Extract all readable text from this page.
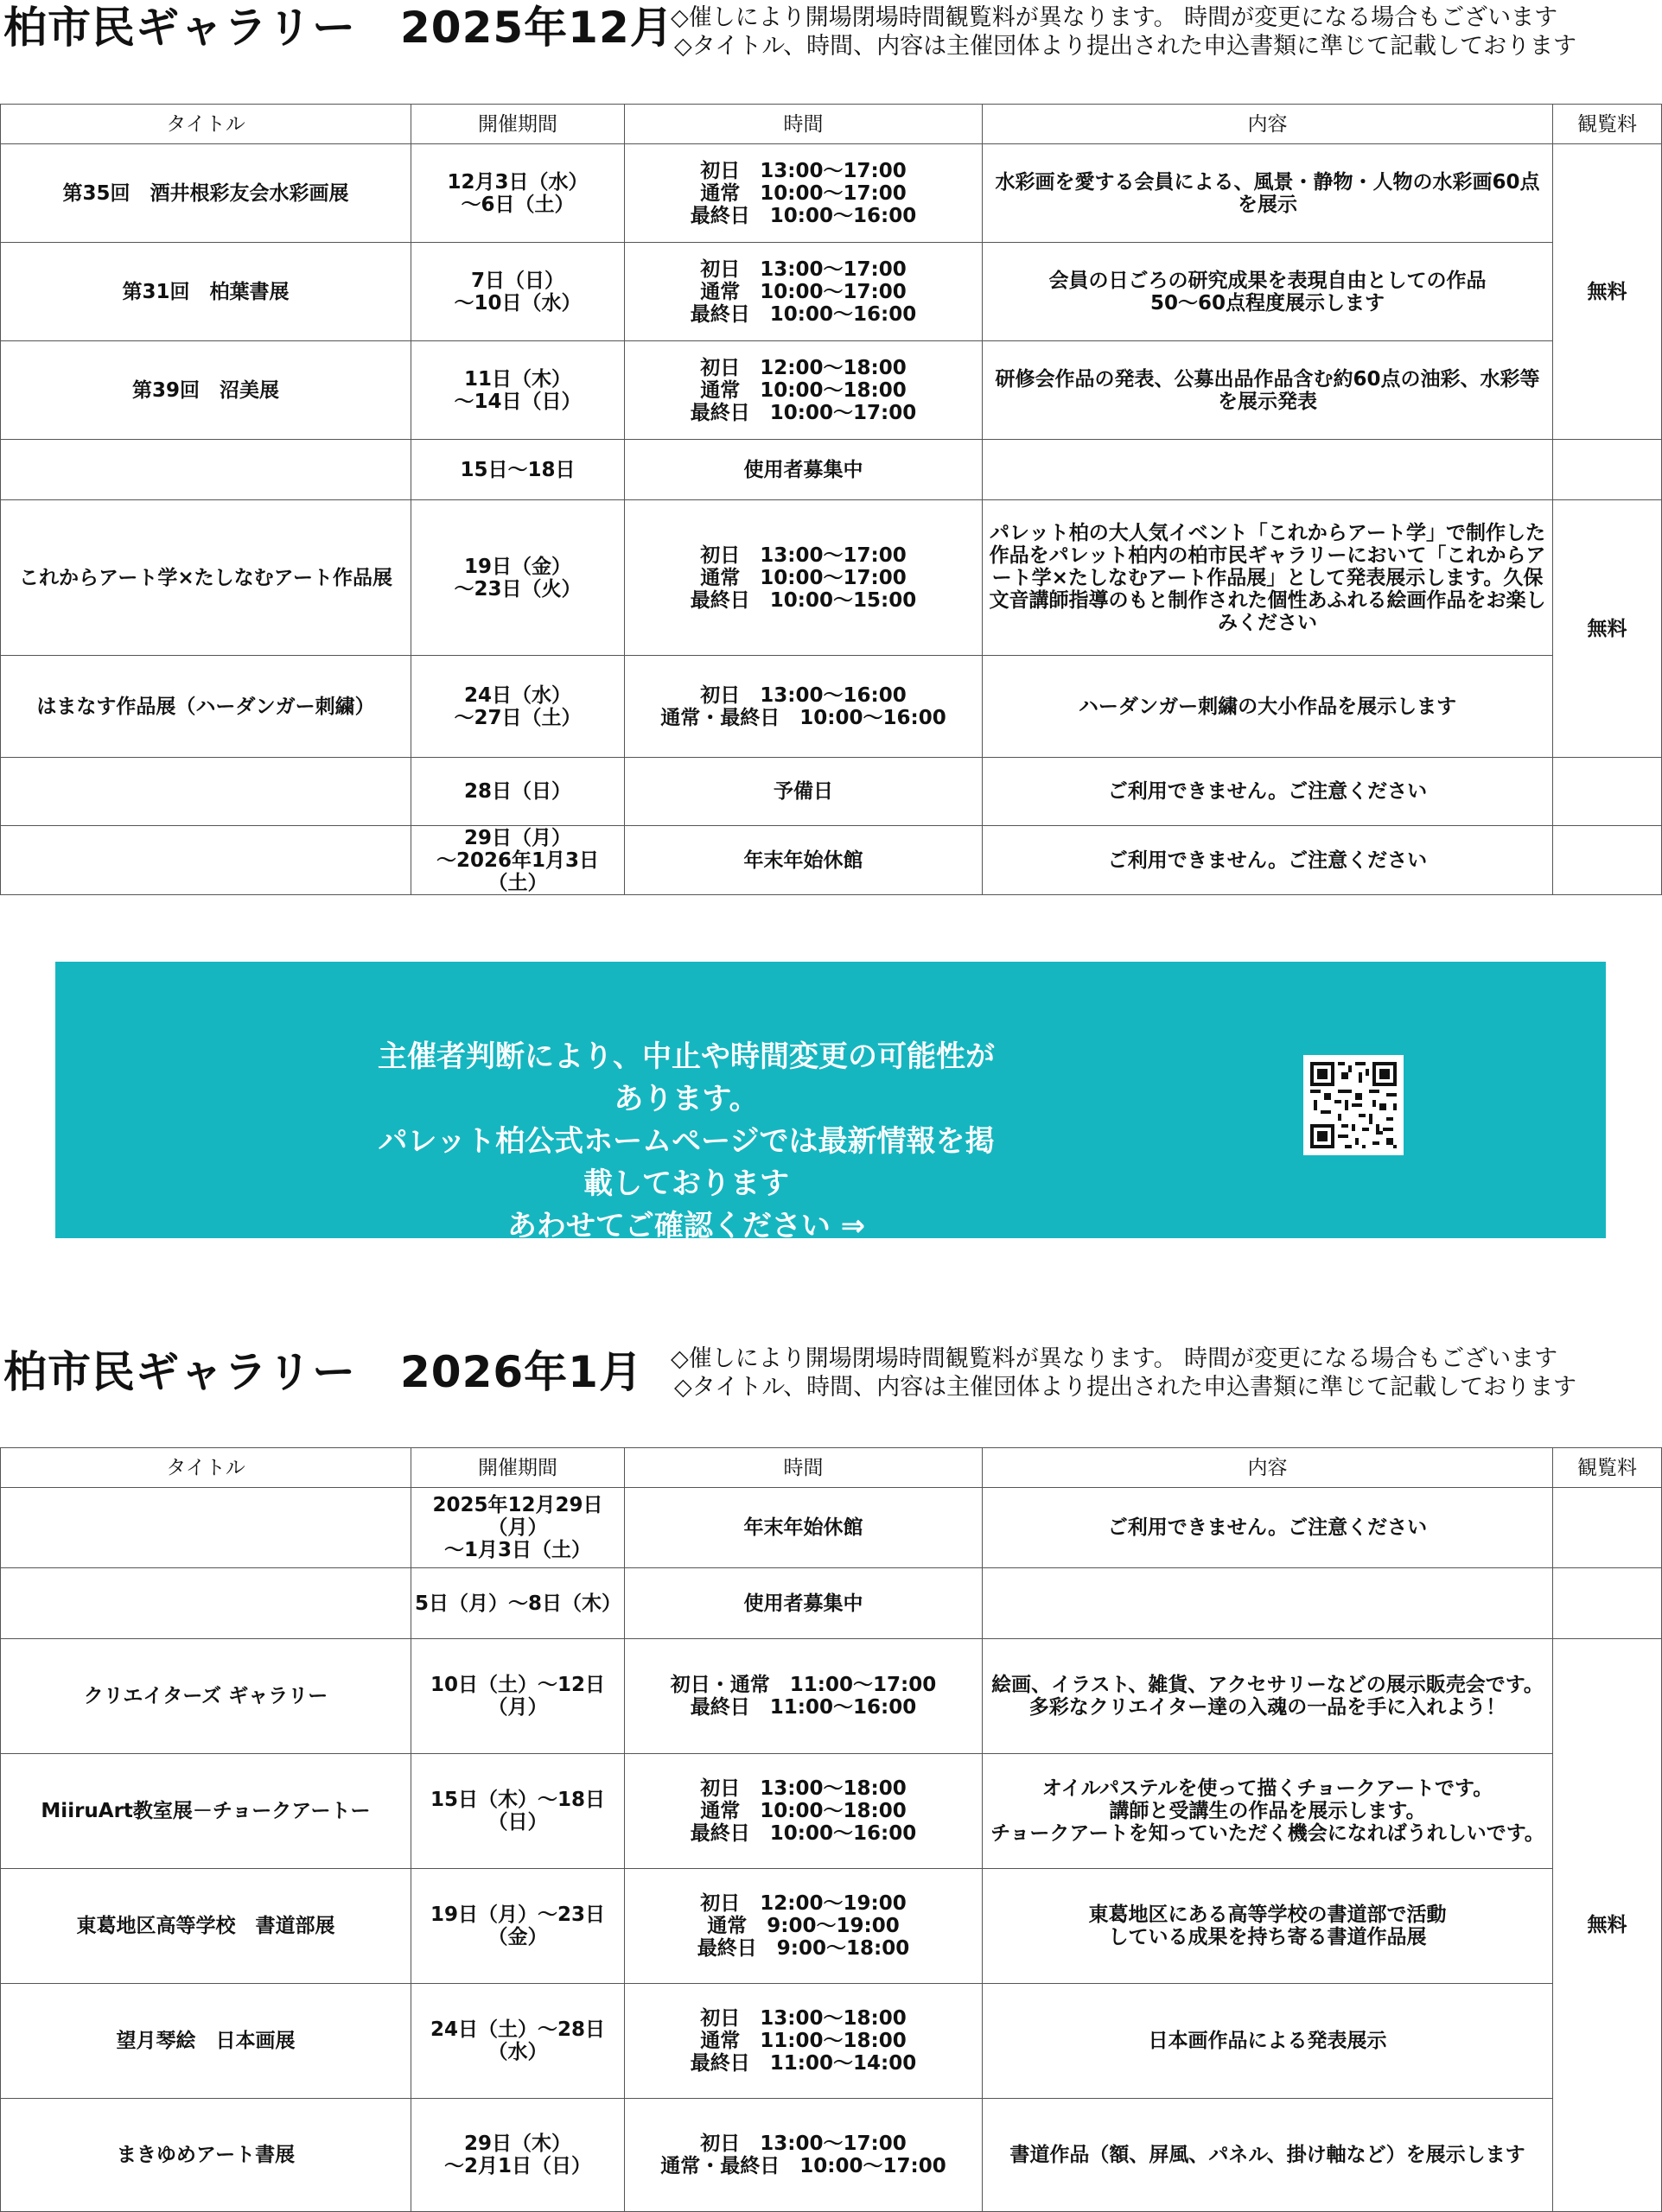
柏市民ギャラリー　2025年12月
◇催しにより開場閉場時間観覧料が異なります。 時間が変更になる場合もございます
◇タイトル、時間、内容は主催団体より提出された申込書類に準じて記載しております
タイトル	開催期間	時間	内容	観覧料
第35回　酒井根彩友会水彩画展	12月3日（水）
～6日（土）	初日　13:00～17:00
通常　10:00～17:00
最終日　10:00～16:00	水彩画を愛する会員による、風景・静物・人物の水彩画60点を展示	無料
第31回　柏葉書展	7日（日）
～10日（水）	初日　13:00～17:00
通常　10:00～17:00
最終日　10:00～16:00	会員の日ごろの研究成果を表現自由としての作品
50～60点程度展示します	
第39回　沼美展	11日（木）
～14日（日）	初日　12:00～18:00
通常　10:00～18:00
最終日　10:00～17:00	研修会作品の発表、公募出品作品含む約60点の油彩、水彩等を展示発表	
	15日～18日	使用者募集中		
これからアート学×たしなむアート作品展	19日（金）
～23日（火）	初日　13:00～17:00
通常　10:00～17:00
最終日　10:00～15:00	パレット柏の大人気イベント「これからアート学」で制作した作品をパレット柏内の柏市民ギャラリーにおいて「これからアート学×たしなむアート作品展」として発表展示します。久保文音講師指導のもと制作された個性あふれる絵画作品をお楽しみください	無料
はまなす作品展（ハーダンガー刺繍）	24日（水）
～27日（土）	初日　13:00～16:00
通常・最終日　10:00～16:00	ハーダンガー刺繍の大小作品を展示します	
	28日（日）	予備日	ご利用できません。ご注意ください	
	29日（月）
～2026年1月3日（土）	年末年始休館	ご利用できません。ご注意ください	
主催者判断により、中止や時間変更の可能性があります。
パレット柏公式ホームページでは最新情報を掲載しております
あわせてご確認ください ⇒
柏市民ギャラリー　2026年1月 ◇催しにより開場閉場時間観覧料が異なります。 時間が変更になる場合もございます
◇タイトル、時間、内容は主催団体より提出された申込書類に準じて記載しております
タイトル	開催期間	時間	内容	観覧料
	2025年12月29日（月）
～1月3日（土）	年末年始休館	ご利用できません。ご注意ください	
	5日（月）～8日（木）	使用者募集中		
クリエイターズ ギャラリー	10日（土）～12日（月）	初日・通常　11:00～17:00
最終日　11:00～16:00	絵画、イラスト、雑貨、アクセサリーなどの展示販売会です。
多彩なクリエイター達の入魂の一品を手に入れよう！	無料
MiiruArt教室展－チョークアートー	15日（木）～18日（日）	初日　13:00～18:00
通常　10:00～18:00
最終日　10:00～16:00	オイルパステルを使って描くチョークアートです。
講師と受講生の作品を展示します。
チョークアートを知っていただく機会になればうれしいです。	
東葛地区高等学校　書道部展	19日（月）～23日（金）	初日　12:00～19:00
通常　9:00～19:00
最終日　9:00～18:00	東葛地区にある高等学校の書道部で活動
している成果を持ち寄る書道作品展	
望月琴絵　日本画展	24日（土）～28日（水）	初日　13:00～18:00
通常　11:00～18:00
最終日　11:00～14:00	日本画作品による発表展示	
まきゆめアート書展	29日（木）
～2月1日（日）	初日　13:00～17:00
通常・最終日　10:00～17:00	書道作品（額、屏風、パネル、掛け軸など）を展示します	
